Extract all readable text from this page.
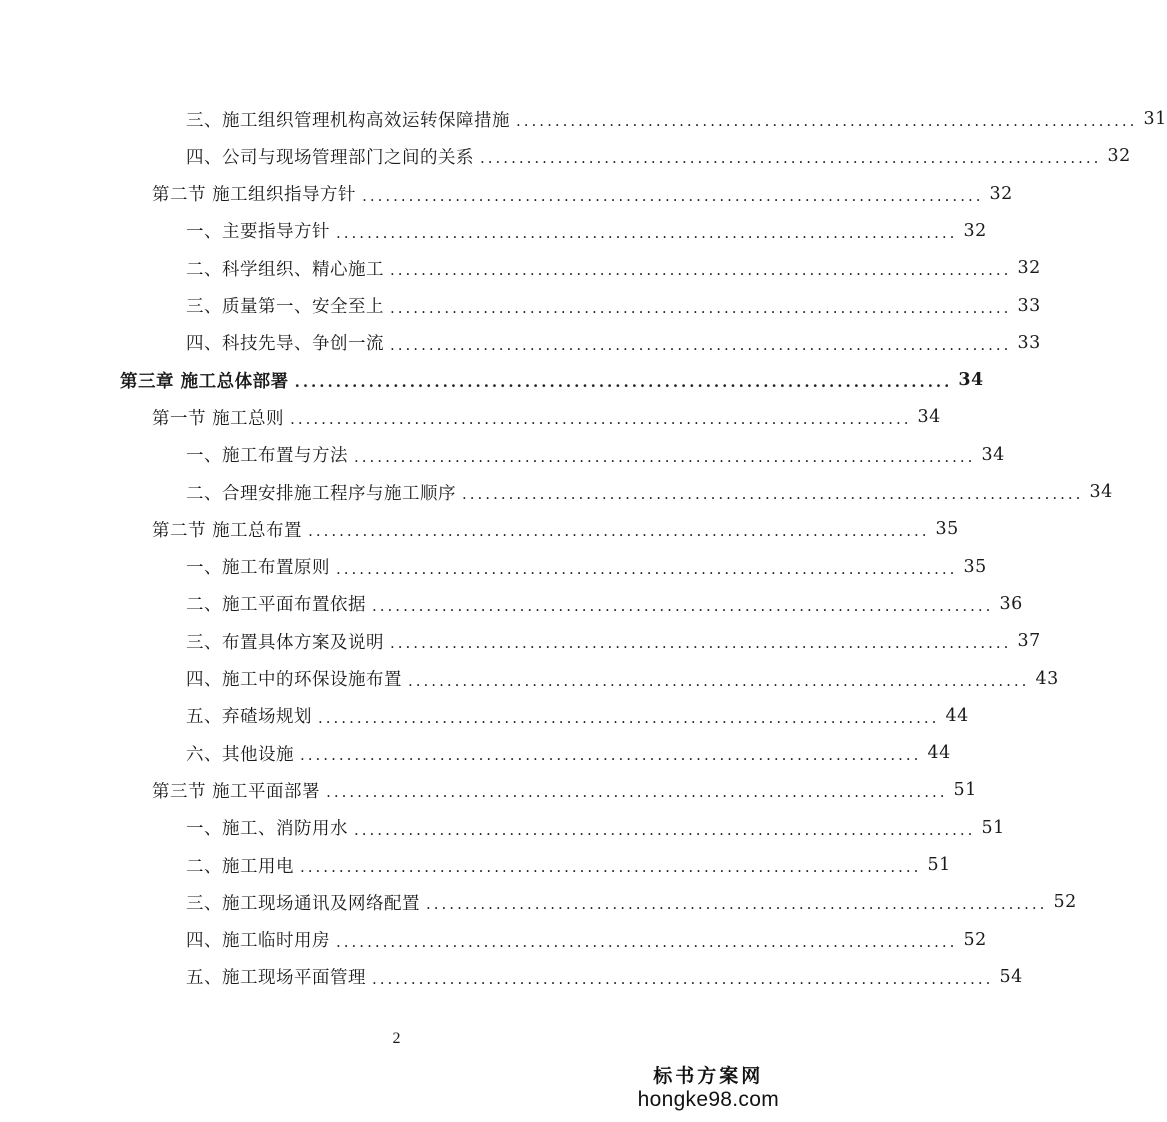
三、施工组织管理机构高效运转保障措施 ................................................................................ 31
四、公司与现场管理部门之间的关系 ................................................................................ 32
第二节 施工组织指导方针 ................................................................................ 32
一、主要指导方针 ................................................................................ 32
二、科学组织、精心施工 ................................................................................ 32
三、质量第一、安全至上 ................................................................................ 33
四、科技先导、争创一流 ................................................................................ 33
第三章 施工总体部署 ................................................................................ 34
第一节 施工总则 ................................................................................ 34
一、施工布置与方法 ................................................................................ 34
二、合理安排施工程序与施工顺序 ................................................................................ 34
第二节 施工总布置 ................................................................................ 35
一、施工布置原则 ................................................................................ 35
二、施工平面布置依据 ................................................................................ 36
三、布置具体方案及说明 ................................................................................ 37
四、施工中的环保设施布置 ................................................................................ 43
五、弃碴场规划 ................................................................................ 44
六、其他设施 ................................................................................ 44
第三节 施工平面部署 ................................................................................ 51
一、施工、消防用水 ................................................................................ 51
二、施工用电 ................................................................................ 51
三、施工现场通讯及网络配置 ................................................................................ 52
四、施工临时用房 ................................................................................ 52
五、施工现场平面管理 ................................................................................ 54
2
标书方案网
hongke98.com
